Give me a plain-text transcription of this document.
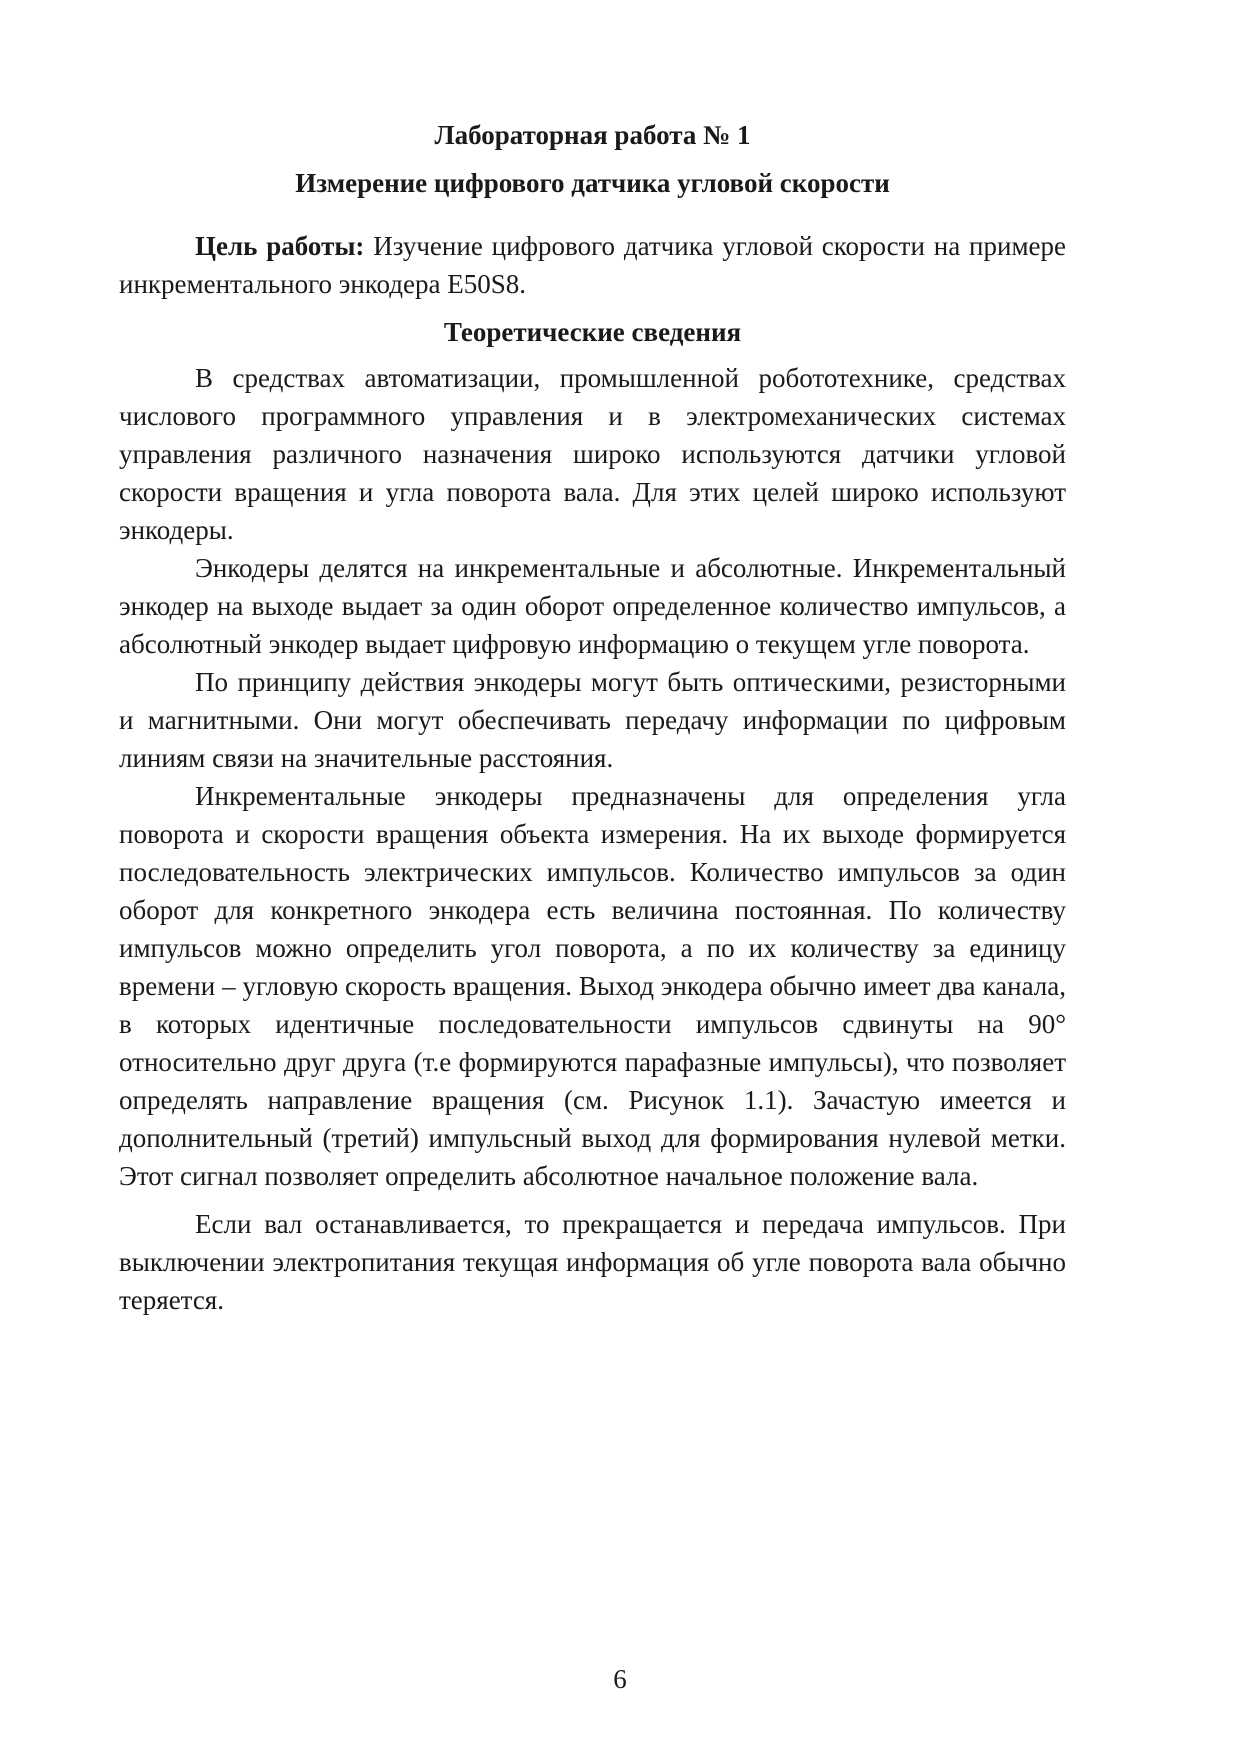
Лабораторная работа № 1

Измерение цифрового датчика угловой скорости

Цель работы: Изучение цифрового датчика угловой скорости на примере инкрементального энкодера E50S8.

Теоретические сведения

В средствах автоматизации, промышленной робототехнике, средствах числового программного управления и в электромеханических системах управления различного назначения широко используются датчики угловой скорости вращения и угла поворота вала. Для этих целей широко используют энкодеры.

Энкодеры делятся на инкрементальные и абсолютные. Инкрементальный энкодер на выходе выдает за один оборот определенное количество импульсов, а абсолютный энкодер выдает цифровую информацию о текущем угле поворота.

По принципу действия энкодеры могут быть оптическими, резисторными и магнитными. Они могут обеспечивать передачу информации по цифровым линиям связи на значительные расстояния.

Инкрементальные энкодеры предназначены для определения угла поворота и скорости вращения объекта измерения. На их выходе формируется последовательность электрических импульсов. Количество импульсов за один оборот для конкретного энкодера есть величина постоянная. По количеству импульсов можно определить угол поворота, а по их количеству за единицу времени – угловую скорость вращения. Выход энкодера обычно имеет два канала, в которых идентичные последовательности импульсов сдвинуты на 90° относительно друг друга (т.е формируются парафазные импульсы), что позволяет определять направление вращения (см. Рисунок 1.1). Зачастую имеется и дополнительный (третий) импульсный выход для формирования нулевой метки. Этот сигнал позволяет определить абсолютное начальное положение вала.

Если вал останавливается, то прекращается и передача импульсов. При выключении электропитания текущая информация об угле поворота вала обычно теряется.

6
